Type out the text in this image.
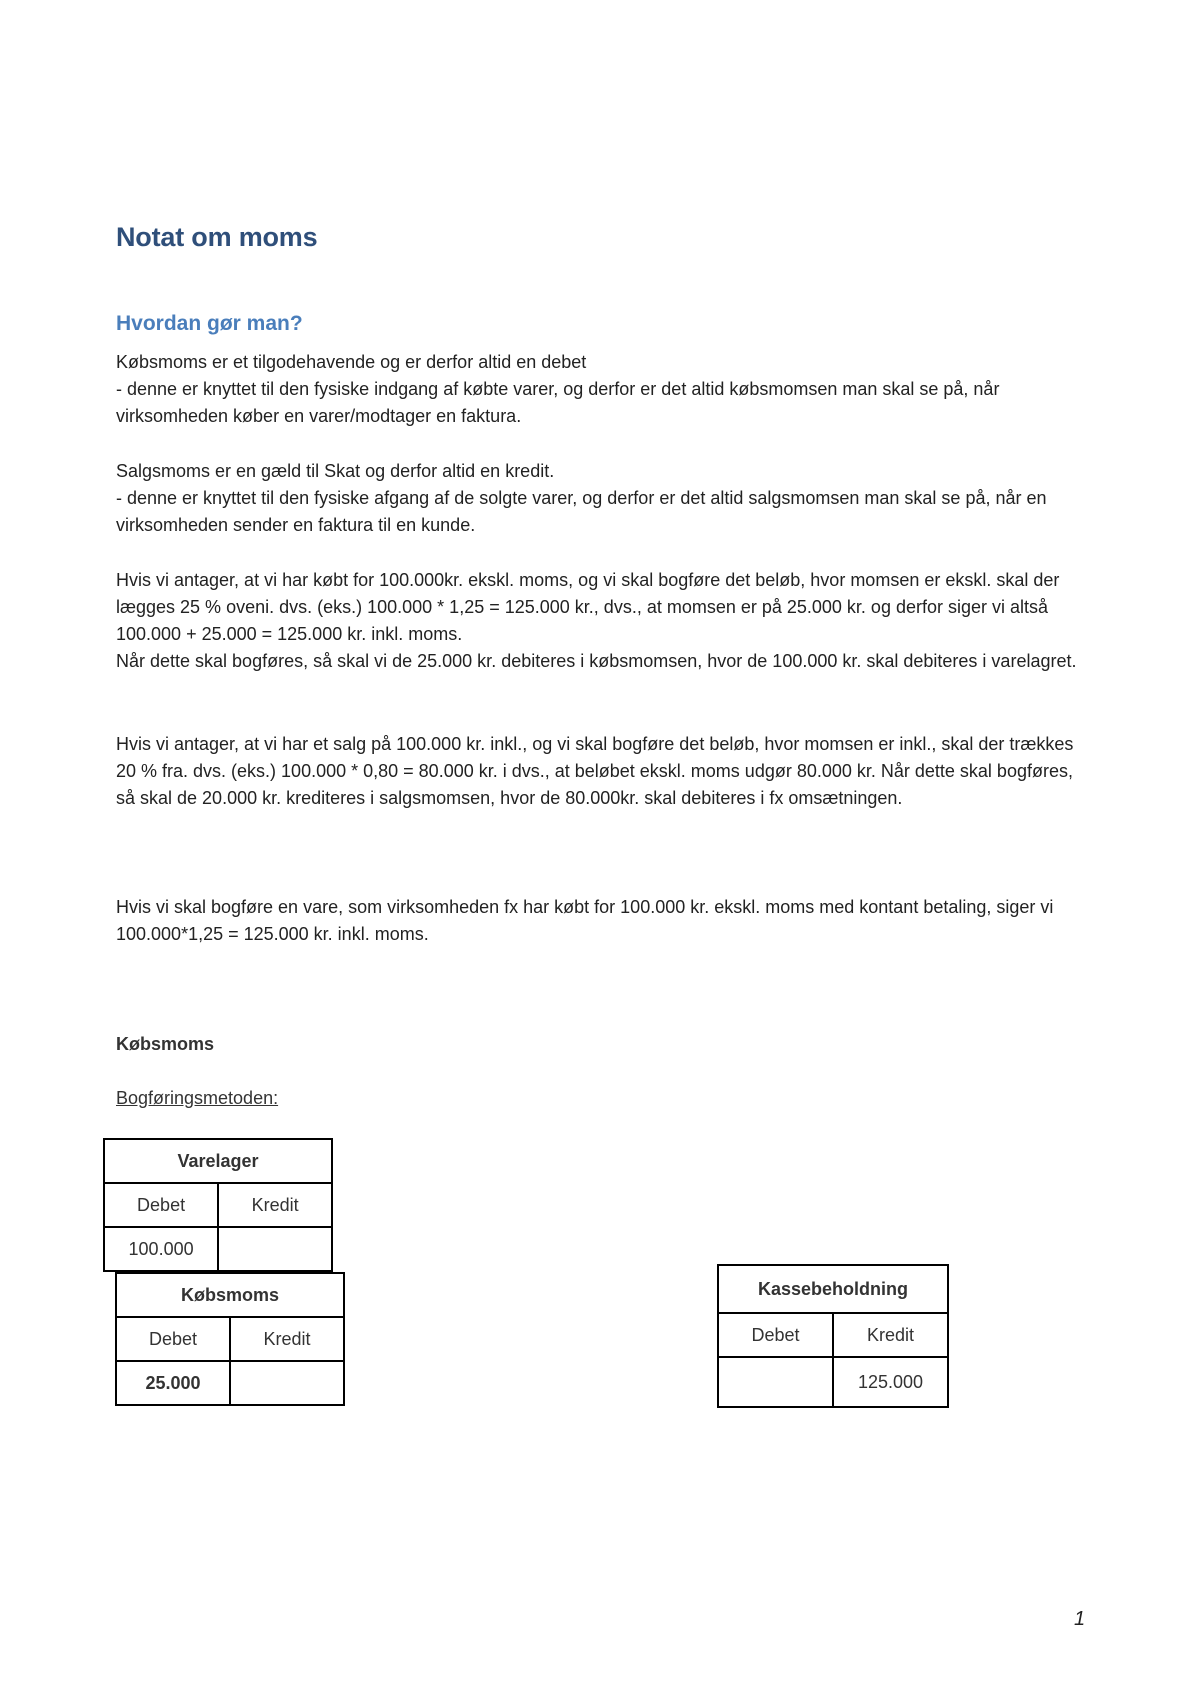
Notat om moms
Hvordan gør man?

Købsmoms er et tilgodehavende og er derfor altid en debet

- denne er knyttet til den fysiske indgang af købte varer, og derfor er det altid købsmomsen man skal se på, når virksomheden køber en varer/modtager en faktura.

Salgsmoms er en gæld til Skat og derfor altid en kredit.

- denne er knyttet til den fysiske afgang af de solgte varer, og derfor er det altid salgsmomsen man skal se på, når en virksomheden sender en faktura til en kunde.

Hvis vi antager, at vi har købt for 100.000kr. ekskl. moms, og vi skal bogføre det beløb, hvor momsen er ekskl. skal der lægges 25 % oveni. dvs. (eks.) 100.000 * 1,25 = 125.000 kr., dvs., at momsen er på 25.000 kr. og derfor siger vi altså 100.000 + 25.000 = 125.000 kr. inkl. moms.

Når dette skal bogføres, så skal vi de 25.000 kr. debiteres i købsmomsen, hvor de 100.000 kr. skal debiteres i varelagret.

Hvis vi antager, at vi har et salg på 100.000 kr. inkl., og vi skal bogføre det beløb, hvor momsen er inkl., skal der trækkes 20 % fra. dvs. (eks.) 100.000 * 0,80 = 80.000 kr. i dvs., at beløbet ekskl. moms udgør 80.000 kr. Når dette skal bogføres, så skal de 20.000 kr. krediteres i salgsmomsen, hvor de 80.000kr. skal debiteres i fx omsætningen.

Hvis vi skal bogføre en vare, som virksomheden fx har købt for 100.000 kr. ekskl. moms med kontant betaling, siger vi 100.000*1,25 = 125.000 kr. inkl. moms.

Købsmoms
Bogføringsmetoden:
Varelager	
Debet	Kredit
100.000	
Købsmoms	
Debet	Kredit
25.000	
Kassebeholdning	
Debet	Kredit
	125.000
1
